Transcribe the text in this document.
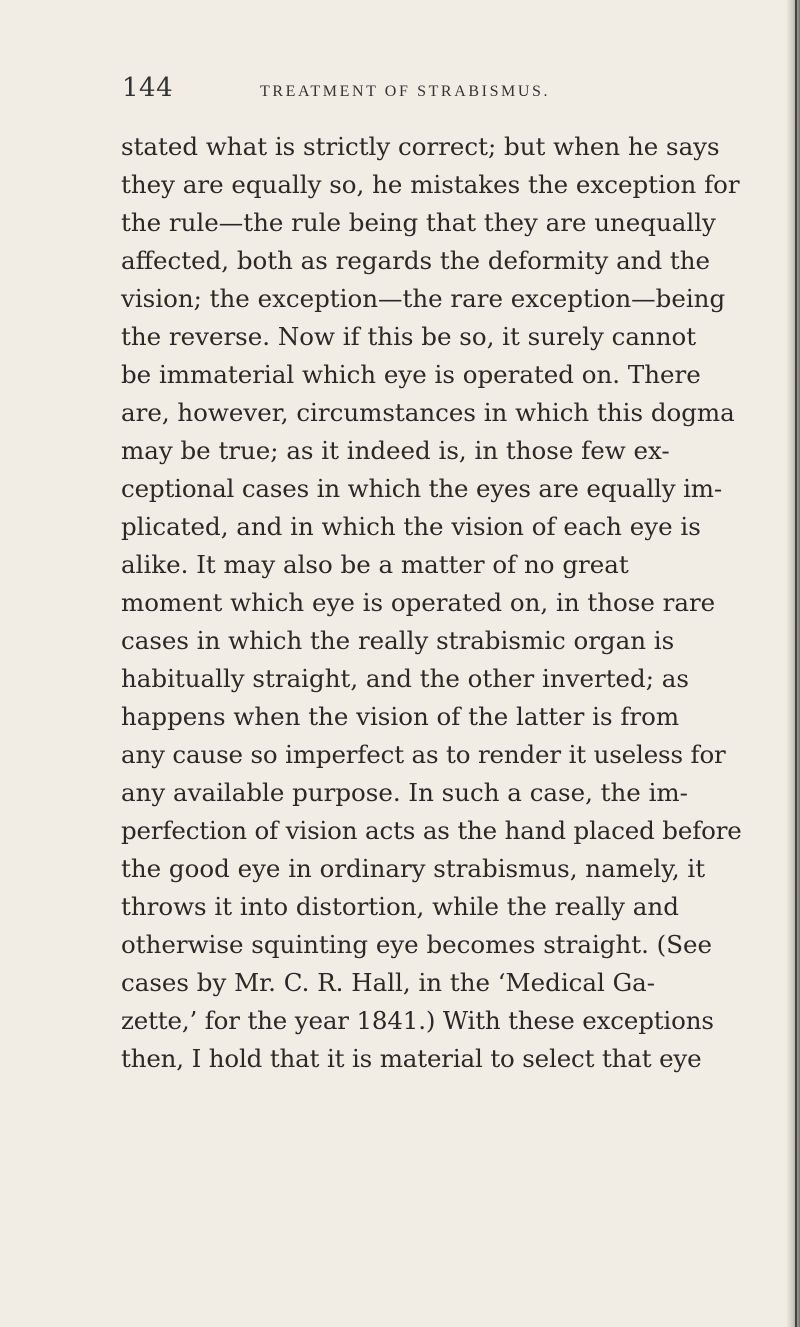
144	TREATMENT OF STRABISMUS.
stated what is strictly correct; but when he says
they are equally so, he mistakes the exception for
the rule—the rule being that they are unequally
affected, both as regards the deformity and the
vision; the exception—the rare exception—being
the reverse. Now if this be so, it surely cannot
be immaterial which eye is operated on. There
are, however, circumstances in which this dogma
may be true; as it indeed is, in those few ex-
ceptional cases in which the eyes are equally im-
plicated, and in which the vision of each eye is
alike. It may also be a matter of no great
moment which eye is operated on, in those rare
cases in which the really strabismic organ is
habitually straight, and the other inverted; as
happens when the vision of the latter is from
any cause so imperfect as to render it useless for
any available purpose. In such a case, the im-
perfection of vision acts as the hand placed before
the good eye in ordinary strabismus, namely, it
throws it into distortion, while the really and
otherwise squinting eye becomes straight. (See
cases by Mr. C. R. Hall, in the ‘Medical Ga-
zette,’ for the year 1841.) With these exceptions
then, I hold that it is material to select that eye
